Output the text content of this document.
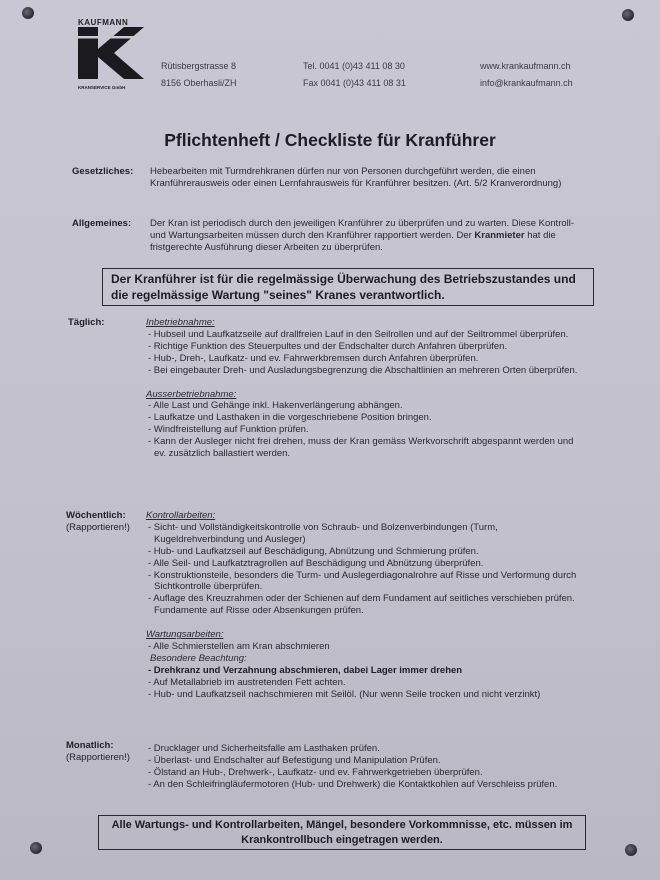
KAUFMANN
KRANSERVICE GmbH
Rütisbergstrasse 8
8156 Oberhasli/ZH
Tel. 0041 (0)43 411 08 30
Fax 0041 (0)43 411 08 31
www.krankaufmann.ch
info@krankaufmann.ch
Pflichtenheft / Checkliste für Kranführer
Gesetzliches: Hebearbeiten mit Turmdrehkranen dürfen nur von Personen durchgeführt werden, die einen Kranführerausweis oder einen Lernfahrausweis für Kranführer besitzen. (Art. 5/2 Kranverordnung)
Allgemeines: Der Kran ist periodisch durch den jeweiligen Kranführer zu überprüfen und zu warten. Diese Kontroll- und Wartungsarbeiten müssen durch den Kranführer rapportiert werden. Der Kranmieter hat die fristgerechte Ausführung dieser Arbeiten zu überprüfen.
Der Kranführer ist für die regelmässige Überwachung des Betriebszustandes und die regelmässige Wartung "seines" Kranes verantwortlich.
Täglich:	Inbetriebnahme:
- Hubseil und Laufkatzseile auf drallfreien Lauf in den Seilrollen und auf der Seiltrommel überprüfen.
- Richtige Funktion des Steuerpultes und der Endschalter durch Anfahren überprüfen.
- Hub-, Dreh-, Laufkatz- und ev. Fahrwerkbremsen durch Anfahren überprüfen.
- Bei eingebauter Dreh- und Ausladungsbegrenzung die Abschaltlinien an mehreren Orten überprüfen.
Ausserbetriebnahme:
- Alle Last und Gehänge inkl. Hakenverlängerung abhängen.
- Laufkatze und Lasthaken in die vorgeschriebene Position bringen.
- Windfreistellung auf Funktion prüfen.
- Kann der Ausleger nicht frei drehen, muss der Kran gemäss Werkvorschrift abgespannt werden und ev. zusätzlich ballastiert werden.
Wöchentlich:
(Rapportieren!)
Kontrollarbeiten:
- Sicht- und Vollständigkeitskontrolle von Schraub- und Bolzenverbindungen (Turm, Kugeldrehverbindung und Ausleger)
- Hub- und Laufkatzseil auf Beschädigung, Abnützung und Schmierung prüfen.
- Alle Seil- und Laufkatztragrollen auf Beschädigung und Abnützung überprüfen.
- Konstruktionsteile, besonders die Turm- und Auslegerdiagonalrohre auf Risse und Verformung durch Sichtkontrolle überprüfen.
- Auflage des Kreuzrahmen oder der Schienen auf dem Fundament auf seitliches verschieben prüfen. Fundamente auf Risse oder Absenkungen prüfen.
Wartungsarbeiten:
- Alle Schmierstellen am Kran abschmieren
Besondere Beachtung:
- Drehkranz und Verzahnung abschmieren, dabei Lager immer drehen
- Auf Metallabrieb im austretenden Fett achten.
- Hub- und Laufkatzseil nachschmieren mit Seilöl. (Nur wenn Seile trocken und nicht verzinkt)
Monatlich:
(Rapportieren!)
- Drucklager und Sicherheitsfalle am Lasthaken prüfen.
- Überlast- und Endschalter auf Befestigung und Manipulation Prüfen.
- Ölstand an Hub-, Drehwerk-, Laufkatz- und ev. Fahrwerkgetrieben überprüfen.
- An den Schleifringläufermotoren (Hub- und Drehwerk) die Kontaktkohlen auf Verschleiss prüfen.
Alle Wartungs- und Kontrollarbeiten, Mängel, besondere Vorkommnisse, etc. müssen im Krankontrollbuch eingetragen werden.
